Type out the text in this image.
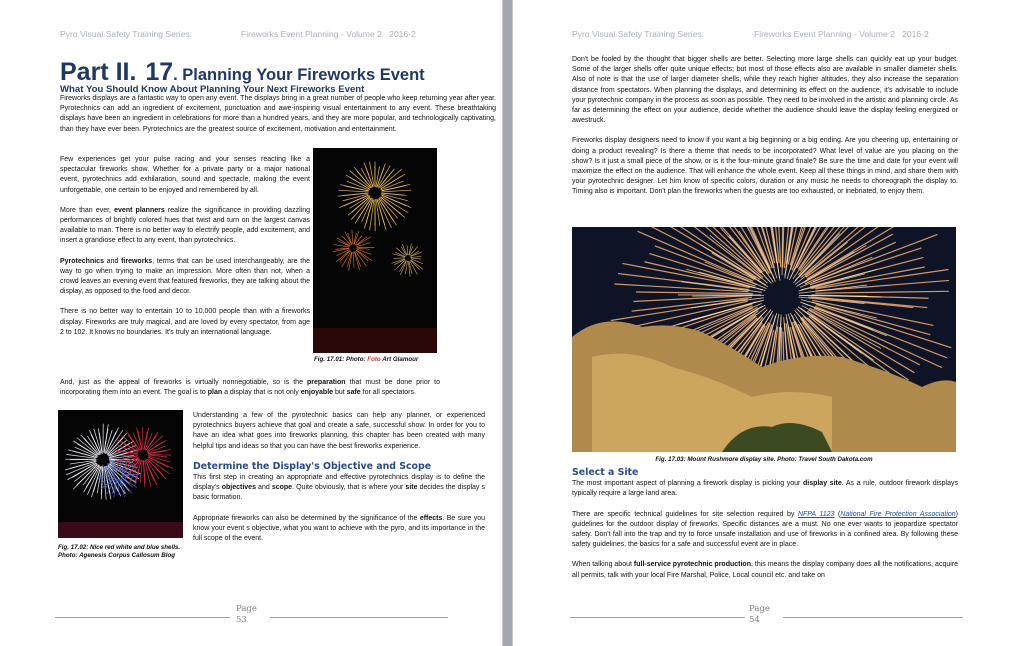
Pyro Visual Safety Training Series:	Fireworks Event Planning - Volume 2   2016-2
Part II. 17. Planning Your Fireworks Event
What You Should Know About Planning Your Next Fireworks Event

Fireworks displays are a fantastic way to open any event. The displays bring in a great number of people who keep returning year after year. Pyrotechnics can add an ingredient of excitement, punctuation and awe-inspiring visual entertainment to any event. These breathtaking displays have been an ingredient in celebrations for more than a hundred years, and they are more popular, and technologically captivating, than they have ever been. Pyrotechnics are the greatest source of excitement, motivation and entertainment.

Few experiences get your pulse racing and your senses reacting like a spectacular fireworks show. Whether for a private party or a major national event, pyrotechnics add exhilaration, sound and spectacle, making the event unforgettable, one certain to be enjoyed and remembered by all.

More than ever, event planners realize the significance in providing dazzling performances of brightly colored hues that twist and turn on the largest canvas available to man. There is no better way to electrify people, add excitement, and insert a grandiose effect to any event, than pyrotechnics.

Pyrotechnics and fireworks, terms that can be used interchangeably, are the way to go when trying to make an impression. More often than not, when a crowd leaves an evening event that featured fireworks, they are talking about the display, as opposed to the food and decor.

There is no better way to entertain 10 to 10,000 people than with a fireworks display. Fireworks are truly magical, and are loved by every spectator, from age 2 to 102. It knows no boundaries. It's truly an international language.

Fig. 17.01: Photo: Foto Art Glamour

And, just as the appeal of fireworks is virtually nonnegotiable, so is the preparation that must be done prior to incorporating them into an event. The goal is to plan a display that is not only enjoyable but safe for all spectators.

Fig. 17.02: Nice red white and blue shells. Photo: Agenesis Corpus Callosum Blog

Understanding a few of the pyrotechnic basics can help any planner, or experienced pyrotechnics buyers achieve that goal and create a safe, successful show. In order for you to have an idea what goes into fireworks planning, this chapter has been created with many helpful tips and ideas so that you can have the best fireworks experience.

Determine the Display's Objective and Scope

This first step in creating an appropriate and effective pyrotechnics display is to define the display's objectives and scope. Quite obviously, that is where your site decides the display s basic formation.

Appropriate fireworks can also be determined by the significance of the effects. Be sure you know your event s objective, what you want to achieve with the pyro, and its importance in the full scope of the event.

Page
53
Pyro Visual Safety Training Series:	Fireworks Event Planning - Volume 2   2016-2

Don't be fooled by the thought that bigger shells are better. Selecting more large shells can quickly eat up your budget. Some of the larger shells offer quite unique effects; but most of those effects also are available in smaller diameter shells. Also of note is that the use of larger diameter shells, while they reach higher altitudes, they also increase the separation distance from spectators. When planning the displays, and determining its effect on the audience, it's advisable to include your pyrotechnic company in the process as soon as possible. They need to be involved in the artistic and planning circle. As far as determining the effect on your audience, decide whether the audience should leave the display feeling energized or awestruck.

Fireworks display designers need to know if you want a big beginning or a big ending. Are you cheering up, entertaining or doing a product revealing? Is there a theme that needs to be incorporated? What level of value are you placing on the show? Is it just a small piece of the show, or is it the four-minute grand finale? Be sure the time and date for your event will maximize the effect on the audience. That will enhance the whole event. Keep all these things in mind, and share them with your pyrotechnic designer. Let him know of specific colors, duration or any music he needs to choreograph the display to. Timing also is important. Don't plan the fireworks when the guests are too exhausted, or inebriated, to enjoy them.

Fig. 17.03: Mount Rushmore display site. Photo: Travel South Dakota.com
Select a Site

The most important aspect of planning a firework display is picking your display site. As a rule, outdoor firework displays typically require a large land area.

There are specific technical guidelines for site selection required by NFPA 1123 (National Fire Protection Association) guidelines for the outdoor display of fireworks. Specific distances are a must. No one ever wants to jeopardize spectator safety. Don't fall into the trap and try to force unsafe installation and use of fireworks in a confined area. By following these safety guidelines, the basics for a safe and successful event are in place.

When talking about full-service pyrotechnic production, this means the display company does all the notifications, acquire all permits, talk with your local Fire Marshal, Police, Local council etc. and take on

Page
54
